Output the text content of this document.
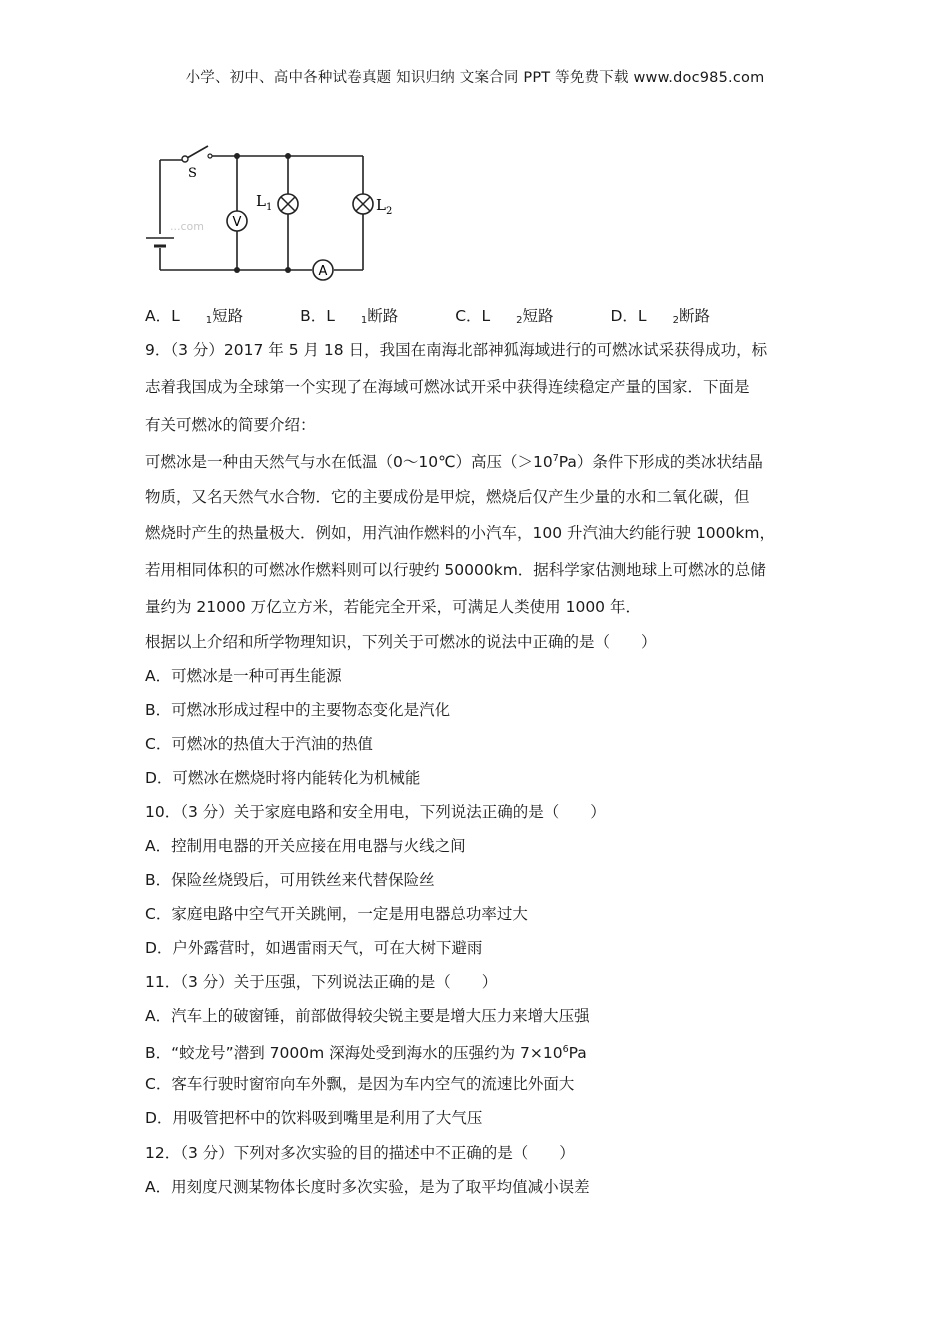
小学、初中、高中各种试卷真题 知识归纳 文案合同 PPT 等免费下载 www.doc985.com
V
$L_1$	$L_2$
A
S
...com
A．L	$_1$短路	B．L	$_1$断路	C．L	$_2$短路	D．L	$_2$断路
9．（3 分）2017 年 5 月 18 日，我国在南海北部神狐海域进行的可燃冰试采获得成功，标
志着我国成为全球第一个实现了在海域可燃冰试开采中获得连续稳定产量的国家．下面是
有关可燃冰的简要介绍：
可燃冰是一种由天然气与水在低温（0～10℃）高压$(>10^7Pa)$条件下形成的类冰状结晶
物质，又名天然气水合物．它的主要成份是甲烷，燃烧后仅产生少量的水和二氧化碳，但
燃烧时产生的热量极大．例如，用汽油作燃料的小汽车，100 升汽油大约能行驶 1000km，
若用相同体积的可燃冰作燃料则可以行驶约 50000km．据科学家估测地球上可燃冰的总储
量约为 21000 万亿立方米，若能完全开采，可满足人类使用 1000 年．
根据以上介绍和所学物理知识，下列关于可燃冰的说法中正确的是（　　）
A．可燃冰是一种可再生能源
B．可燃冰形成过程中的主要物态变化是汽化
C．可燃冰的热值大于汽油的热值
D．可燃冰在燃烧时将内能转化为机械能
10．（3 分）关于家庭电路和安全用电，下列说法正确的是（　　）
A．控制用电器的开关应接在用电器与火线之间
B．保险丝烧毁后，可用铁丝来代替保险丝
C．家庭电路中空气开关跳闸，一定是用电器总功率过大
D．户外露营时，如遇雷雨天气，可在大树下避雨
11．（3 分）关于压强，下列说法正确的是（　　）
A．汽车上的破窗锤，前部做得较尖锐主要是增大压力来增大压强
B．“蛟龙号”潜到 7000m 深海处受到海水的压强约为 $7\times 10^6Pa$
C．客车行驶时窗帘向车外飘，是因为车内空气的流速比外面大
D．用吸管把杯中的饮料吸到嘴里是利用了大气压
12．（3 分）下列对多次实验的目的描述中不正确的是（　　）
A．用刻度尺测某物体长度时多次实验，是为了取平均值减小误差
